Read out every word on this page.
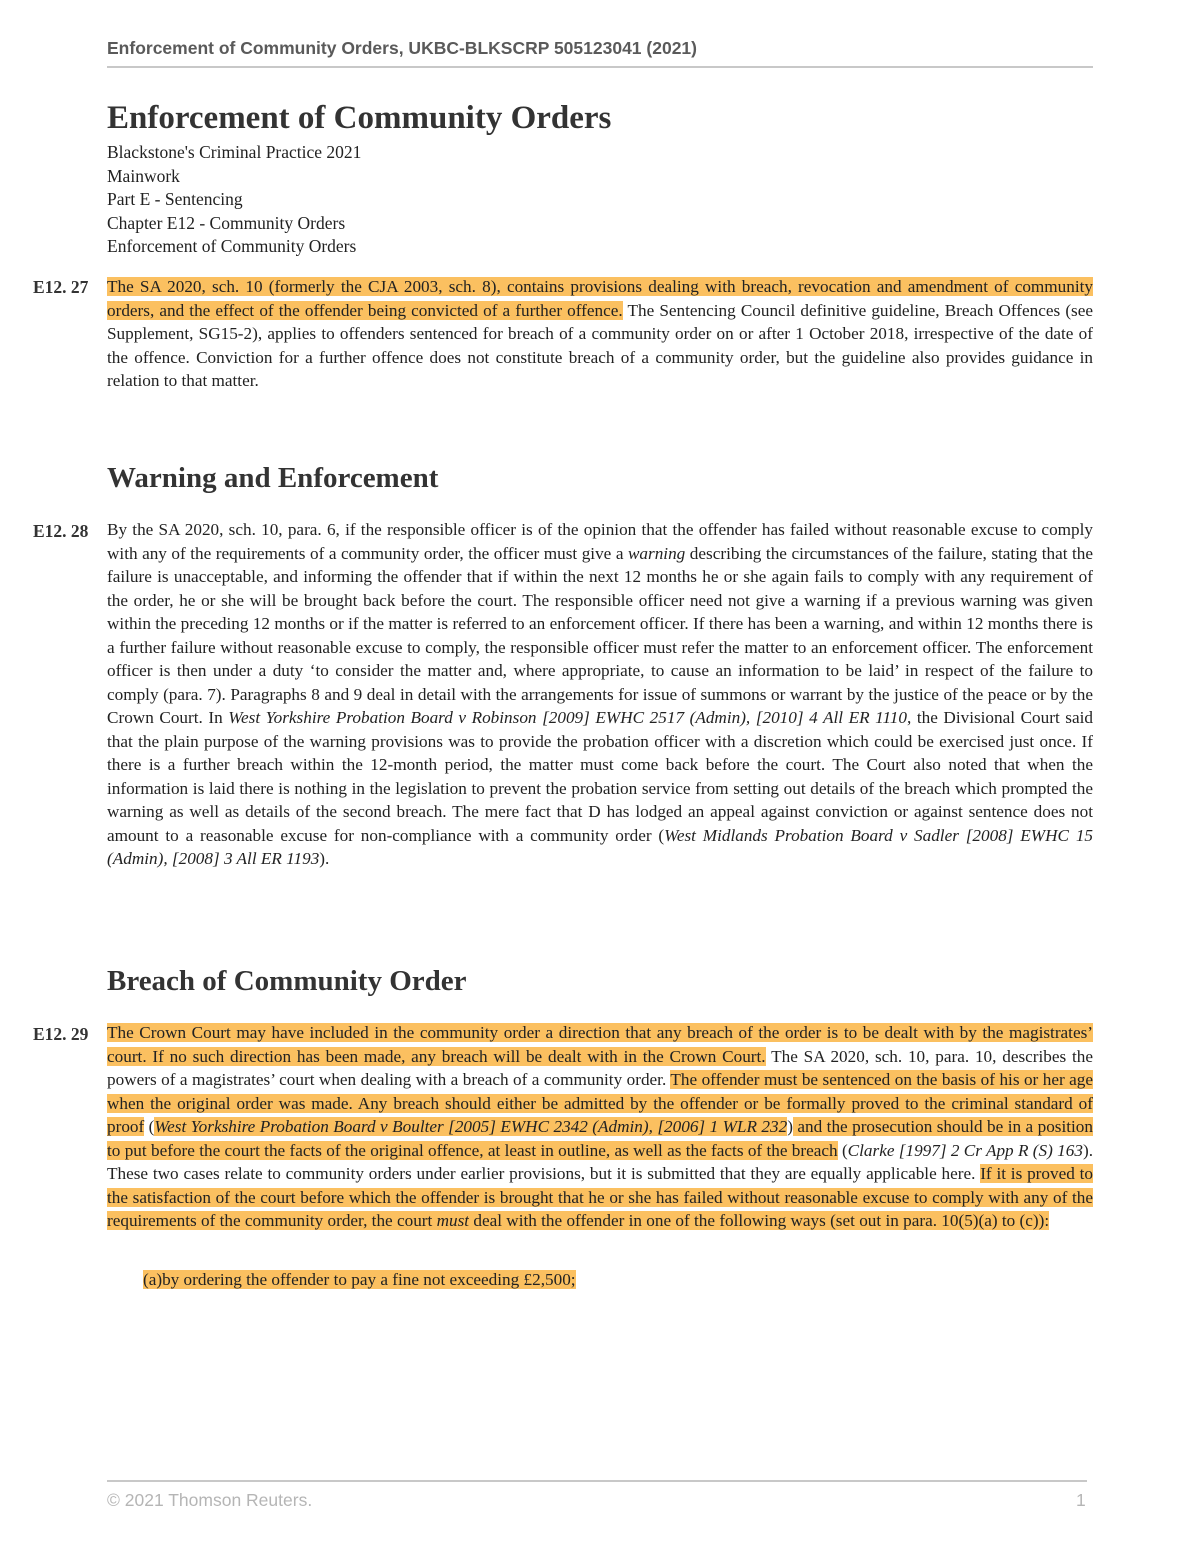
Enforcement of Community Orders, UKBC-BLKSCRP 505123041 (2021)
Enforcement of Community Orders
Blackstone's Criminal Practice 2021
Mainwork
Part E - Sentencing
Chapter E12 - Community Orders
Enforcement of Community Orders
E12. 27 The SA 2020, sch. 10 (formerly the CJA 2003, sch. 8), contains provisions dealing with breach, revocation and amendment of community orders, and the effect of the offender being convicted of a further offence. The Sentencing Council definitive guideline, Breach Offences (see Supplement, SG15-2), applies to offenders sentenced for breach of a community order on or after 1 October 2018, irrespective of the date of the offence. Conviction for a further offence does not constitute breach of a community order, but the guideline also provides guidance in relation to that matter.

Warning and Enforcement
E12. 28 By the SA 2020, sch. 10, para. 6, if the responsible officer is of the opinion that the offender has failed without reasonable excuse to comply with any of the requirements of a community order, the officer must give a warning describing the circumstances of the failure, stating that the failure is unacceptable, and informing the offender that if within the next 12 months he or she again fails to comply with any requirement of the order, he or she will be brought back before the court. The responsible officer need not give a warning if a previous warning was given within the preceding 12 months or if the matter is referred to an enforcement officer. If there has been a warning, and within 12 months there is a further failure without reasonable excuse to comply, the responsible officer must refer the matter to an enforcement officer. The enforcement officer is then under a duty ‘to consider the matter and, where appropriate, to cause an information to be laid’ in respect of the failure to comply (para. 7). Paragraphs 8 and 9 deal in detail with the arrangements for issue of summons or warrant by the justice of the peace or by the Crown Court. In West Yorkshire Probation Board v Robinson [2009] EWHC 2517 (Admin), [2010] 4 All ER 1110, the Divisional Court said that the plain purpose of the warning provisions was to provide the probation officer with a discretion which could be exercised just once. If there is a further breach within the 12-month period, the matter must come back before the court. The Court also noted that when the information is laid there is nothing in the legislation to prevent the probation service from setting out details of the breach which prompted the warning as well as details of the second breach. The mere fact that D has lodged an appeal against conviction or against sentence does not amount to a reasonable excuse for non-compliance with a community order (West Midlands Probation Board v Sadler [2008] EWHC 15 (Admin), [2008] 3 All ER 1193).

Breach of Community Order
E12. 29 The Crown Court may have included in the community order a direction that any breach of the order is to be dealt with by the magistrates’ court. If no such direction has been made, any breach will be dealt with in the Crown Court. The SA 2020, sch. 10, para. 10, describes the powers of a magistrates’ court when dealing with a breach of a community order. The offender must be sentenced on the basis of his or her age when the original order was made. Any breach should either be admitted by the offender or be formally proved to the criminal standard of proof (West Yorkshire Probation Board v Boulter [2005] EWHC 2342 (Admin), [2006] 1 WLR 232) and the prosecution should be in a position to put before the court the facts of the original offence, at least in outline, as well as the facts of the breach (Clarke [1997] 2 Cr App R (S) 163). These two cases relate to community orders under earlier provisions, but it is submitted that they are equally applicable here. If it is proved to the satisfaction of the court before which the offender is brought that he or she has failed without reasonable excuse to comply with any of the requirements of the community order, the court must deal with the offender in one of the following ways (set out in para. 10(5)(a) to (c)):

(a)by ordering the offender to pay a fine not exceeding £2,500;
© 2021 Thomson Reuters.	1
